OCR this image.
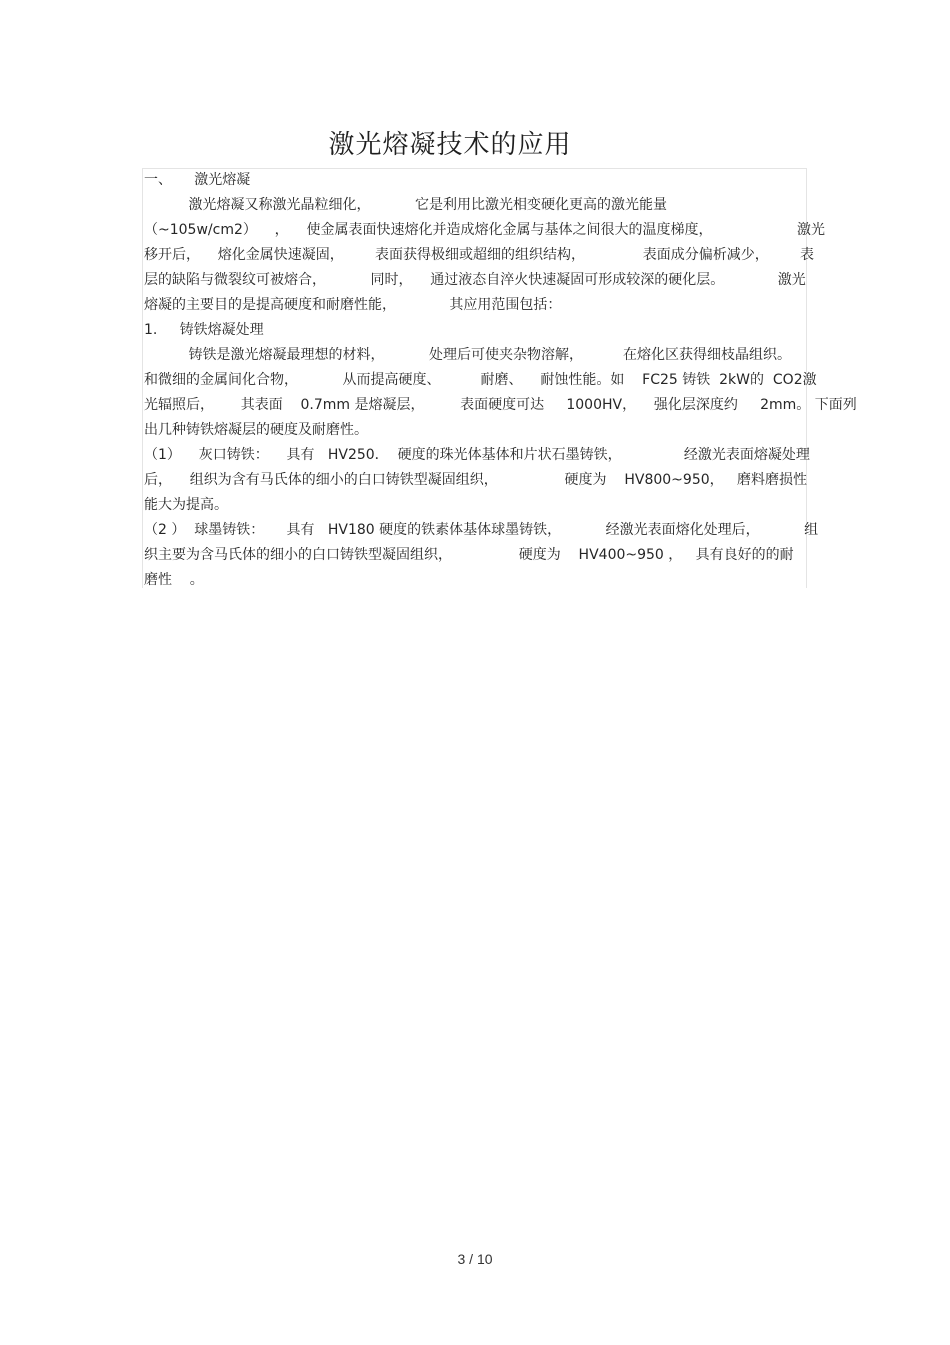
激光熔凝技术的应用
一、     激光熔凝
激光熔凝又称激光晶粒细化，          它是利用比激光相变硬化更高的激光能量
（~105w/cm2）    ，    使金属表面快速熔化并造成熔化金属与基体之间很大的温度梯度，                   激光
移开后，    熔化金属快速凝固，       表面获得极细或超细的组织结构，             表面成分偏析减少，       表
层的缺陷与微裂纹可被熔合，          同时，    通过液态自淬火快速凝固可形成较深的硬化层。            激光
熔凝的主要目的是提高硬度和耐磨性能，            其应用范围包括：
1.     铸铁熔凝处理
铸铁是激光熔凝最理想的材料，          处理后可使夹杂物溶解，         在熔化区获得细枝晶组织。
和微细的金属间化合物，          从而提高硬度、         耐磨、    耐蚀性能。如    FC25 铸铁  2kW的  CO2激
光辐照后，      其表面    0.7mm 是熔凝层，        表面硬度可达     1000HV，    强化层深度约     2mm。 下面列
出几种铸铁熔凝层的硬度及耐磨性。
（1）    灰口铸铁：    具有   HV250．  硬度的珠光体基体和片状石墨铸铁，              经激光表面熔凝处理
后，    组织为含有马氏体的细小的白口铸铁型凝固组织，               硬度为    HV800~950，   磨料磨损性
能大为提高。
（2 ）  球墨铸铁：     具有   HV180 硬度的铁素体基体球墨铸铁，          经激光表面熔化处理后，          组
织主要为含马氏体的细小的白口铸铁型凝固组织，               硬度为    HV400~950 ，   具有良好的的耐
磨性    。
3 / 10
